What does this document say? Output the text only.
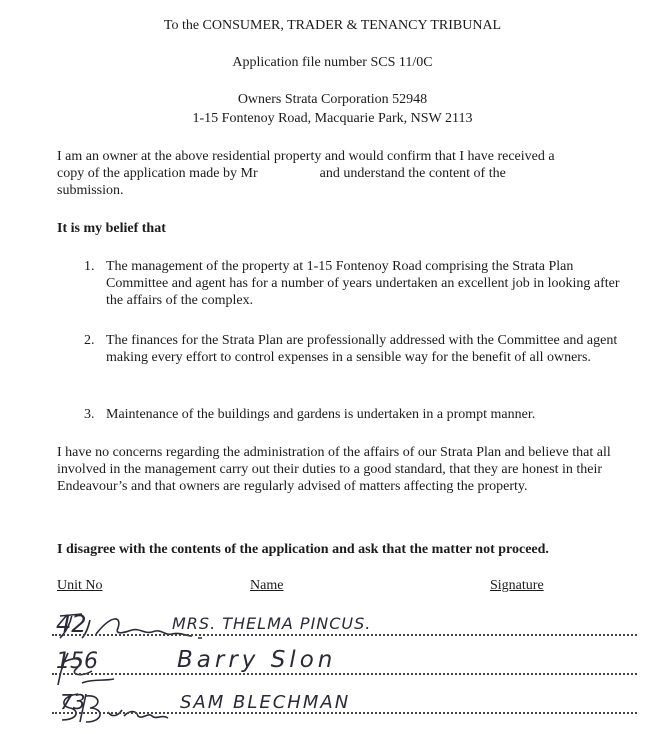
To the CONSUMER, TRADER & TENANCY TRIBUNAL
Application file number SCS 11/0C
Owners Strata Corporation 52948
1-15 Fontenoy Road, Macquarie Park, NSW 2113
I am an owner at the above residential property and would confirm that I have received a
copy of the application made by Mr	and understand the content of the
submission.
It is my belief that
1. The management of the property at 1-15 Fontenoy Road comprising the Strata Plan Committee and agent has for a number of years undertaken an excellent job in looking after the affairs of the complex.
2. The finances for the Strata Plan are professionally addressed with the Committee and agent making every effort to control expenses in a sensible way for the benefit of all owners.
3. Maintenance of the buildings and gardens is undertaken in a prompt manner.
I have no concerns regarding the administration of the affairs of our Strata Plan and believe that all involved in the management carry out their duties to a good standard, that they are honest in their Endeavour’s and that owners are regularly advised of matters affecting the property.
I disagree with the contents of the application and ask that the matter not proceed.
Unit No	Name	Signature
42	MRS. THELMA PINCUS.
156	Barry Slon
73	SAM BLECHMAN
